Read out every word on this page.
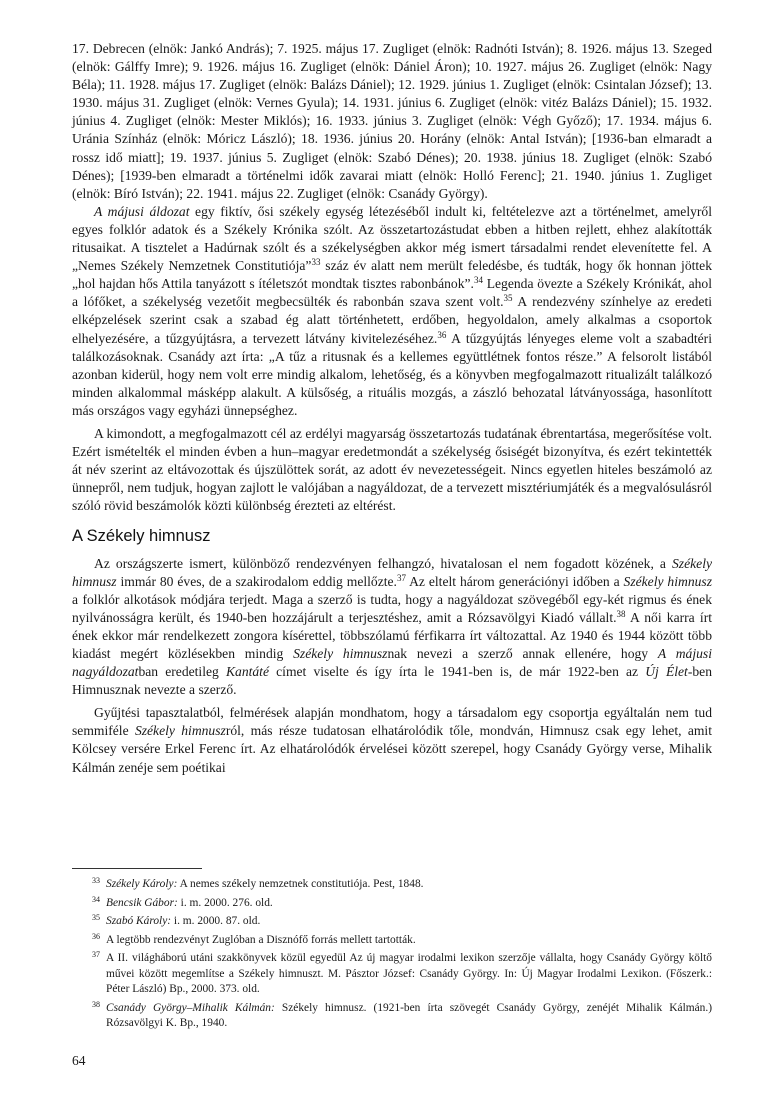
17. Debrecen (elnök: Jankó András); 7. 1925. május 17. Zugliget (elnök: Radnóti István); 8. 1926. május 13. Szeged (elnök: Gálffy Imre); 9. 1926. május 16. Zugliget (elnök: Dániel Áron); 10. 1927. május 26. Zugliget (elnök: Nagy Béla); 11. 1928. május 17. Zugliget (elnök: Balázs Dániel); 12. 1929. június 1. Zugliget (elnök: Csintalan József); 13. 1930. május 31. Zugliget (elnök: Vernes Gyula); 14. 1931. június 6. Zugliget (elnök: vitéz Balázs Dániel); 15. 1932. június 4. Zugliget (elnök: Mester Miklós); 16. 1933. június 3. Zugliget (elnök: Végh Győző); 17. 1934. május 6. Uránia Színház (elnök: Móricz László); 18. 1936. június 20. Horány (elnök: Antal István); [1936-ban elmaradt a rossz idő miatt]; 19. 1937. június 5. Zugliget (elnök: Szabó Dénes); 20. 1938. június 18. Zugliget (elnök: Szabó Dénes); [1939-ben elmaradt a történelmi idők zavarai miatt (elnök: Holló Ferenc]; 21. 1940. június 1. Zugliget (elnök: Bíró István); 22. 1941. május 22. Zugliget (elnök: Csanády György).

A májusi áldozat egy fiktív, ősi székely egység létezéséből indult ki, feltételezve azt a történelmet, amelyről egyes folklór adatok és a Székely Krónika szólt. Az összetartozástudat ebben a hitben rejlett, ehhez alakították ritusaikat. A tisztelet a Hadúrnak szólt és a székelységben akkor még ismert társadalmi rendet elevenítette fel. A „Nemes Székely Nemzetnek Constitutiója”$^{33}$ száz év alatt nem merült feledésbe, és tudták, hogy ők honnan jöttek „hol hajdan hős Attila tanyázott s ítéletszót mondtak tisztes rabonbánok”.$^{34}$ Legenda övezte a Székely Krónikát, ahol a lófőket, a székelység vezetőit megbecsülték és rabonbán szava szent volt.$^{35}$ A rendezvény színhelye az eredeti elképzelések szerint csak a szabad ég alatt történhetett, erdőben, hegyoldalon, amely alkalmas a csoportok elhelyezésére, a tűzgyújtásra, a tervezett látvány kivitelezéséhez.$^{36}$ A tűzgyújtás lényeges eleme volt a szabadtéri találkozásoknak. Csanády azt írta: „A tűz a ritusnak és a kellemes együttlétnek fontos része.” A felsorolt listából azonban kiderül, hogy nem volt erre mindig alkalom, lehetőség, és a könyvben megfogalmazott ritualizált találkozó minden alkalommal másképp alakult. A külsőség, a rituális mozgás, a zászló behozatal látványossága, hasonlított más országos vagy egyházi ünnepséghez.

A kimondott, a megfogalmazott cél az erdélyi magyarság összetartozás tudatának ébrentartása, megerősítése volt. Ezért ismételték el minden évben a hun–magyar eredetmondát a székelység ősiségét bizonyítva, és ezért tekintették át név szerint az eltávozottak és újszülöttek sorát, az adott év nevezetességeit. Nincs egyetlen hiteles beszámoló az ünnepről, nem tudjuk, hogyan zajlott le valójában a nagyáldozat, de a tervezett misztériumjáték és a megvalósulásról szóló rövid beszámolók közti különbség érezteti az eltérést.

A Székely himnusz

Az országszerte ismert, különböző rendezvényen felhangzó, hivatalosan el nem fogadott közének, a Székely himnusz immár 80 éves, de a szakirodalom eddig mellőzte.$^{37}$ Az eltelt három generációnyi időben a Székely himnusz a folklór alkotások módjára terjedt. Maga a szerző is tudta, hogy a nagyáldozat szövegéből egy-két rigmus és ének nyilvánosságra került, és 1940-ben hozzájárult a terjesztéshez, amit a Rózsavölgyi Kiadó vállalt.$^{38}$ A női karra írt ének ekkor már rendelkezett zongora kísérettel, többszólamú férfikarra írt változattal. Az 1940 és 1944 között több kiadást megért közlésekben mindig Székely himnusznak nevezi a szerző annak ellenére, hogy A májusi nagyáldozatban eredetileg Kantáté címet viselte és így írta le 1941-ben is, de már 1922-ben az Új Élet-ben Himnusznak nevezte a szerző.

Gyűjtési tapasztalatból, felmérések alapján mondhatom, hogy a társadalom egy csoportja egyáltalán nem tud semmiféle Székely himnuszról, más része tudatosan elhatárolódik tőle, mondván, Himnusz csak egy lehet, amit Kölcsey versére Erkel Ferenc írt. Az elhatárolódók érvelései között szerepel, hogy Csanády György verse, Mihalik Kálmán zenéje sem poétikai

$^{33}$ Székely Károly: A nemes székely nemzetnek constitutiója. Pest, 1848.
$^{34}$ Bencsik Gábor: i. m. 2000. 276. old.
$^{35}$ Szabó Károly: i. m. 2000. 87. old.
$^{36}$ A legtöbb rendezvényt Zuglóban a Disznófő forrás mellett tartották.
$^{37}$ A II. világháború utáni szakkönyvek közül egyedül Az új magyar irodalmi lexikon szerzője vállalta, hogy Csanády György költő művei között megemlítse a Székely himnuszt. M. Pásztor József: Csanády György. In: Új Magyar Irodalmi Lexikon. (Főszerk.: Péter László) Bp., 2000. 373. old.
$^{38}$ Csanády György–Mihalik Kálmán: Székely himnusz. (1921-ben írta szövegét Csanády György, zenéjét Mihalik Kálmán.) Rózsavölgyi K. Bp., 1940.
64
